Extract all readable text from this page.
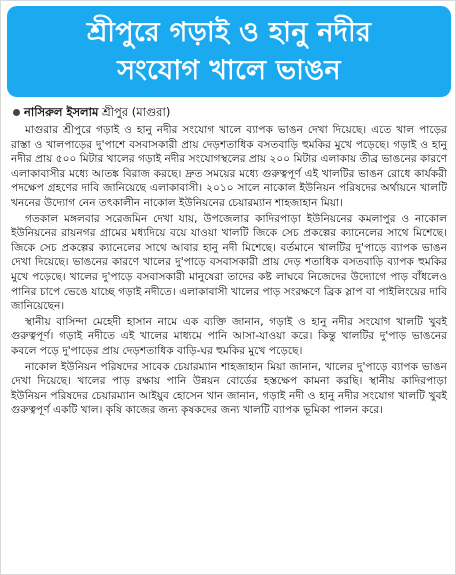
শ্রীপুরে গড়াই ও হানু নদীর
সংযোগ খালে ভাঙন
নাসিরুল ইসলাম শ্রীপুর (মাগুরা)

মাগুরার শ্রীপুরে গড়াই ও হানু নদীর সংযোগ খালে ব্যাপক ভাঙন দেখা দিয়েছে। এতে খাল পাড়ের রাস্তা ও খালপাড়ের দু'পাশে বসবাসকারী প্রায় দেড়শতাধিক বসতবাড়ি হুমকির মুখে পড়েছে। গড়াই ও হানু নদীর প্রায় ৫০০ মিটার খালের গড়াই নদীর সংযোগস্থলের প্রায় ২০০ মিটার এলাকায় তীব্র ভাঙনের কারণে এলাকাবাসীর মধ্যে আতঙ্ক বিরাজ করছে। দ্রুত সময়ের মধ্যে গুরুত্বপূর্ণ এই খালটির ভাঙন রোধে কার্যকরী পদক্ষেপ গ্রহণের দাবি জানিয়েছে এলাকাবাসী। ২০১০ সালে নাকোল ইউনিয়ন পরিষদের অর্থায়নে খালটি খননের উদ্যোগ নেন তৎকালীন নাকোল ইউনিয়নের চেয়ারম্যান শাহজাহান মিয়া।

গতকাল মঙ্গলবার সরেজমিন দেখা যায়, উপজেলার কাদিরপাড়া ইউনিয়নের কমলাপুর ও নাকোল ইউনিয়নের রায়নগর গ্রামের মধ্যদিয়ে বয়ে যাওয়া খালটি জিকে সেচ প্রকল্পের ক্যানেলের সাথে মিশেছে। জিকে সেচ প্রকল্পের ক্যানেলের সাথে আবার হানু নদী মিশেছে। বর্তমানে খালটির দু'পাড়ে ব্যাপক ভাঙন দেখা দিয়েছে। ভাঙনের কারণে খালের দু'পাড়ে বসবাসকারী প্রায় দেড় শতাধিক বসতবাড়ি ব্যাপক হুমকির মুখে পড়েছে। খালের দু'পাড়ে বসবাসকারী মানুষেরা তাদের কষ্ট লাঘবে নিজেদের উদ্যোগে পাড় বাঁধলেও পানির চাপে ভেঙে যাচ্ছে গড়াই নদীতে। এলাকাবাসী খালের পাড় সংরক্ষণে ব্রিক স্লাপ বা পাইলিংয়ের দাবি জানিয়েছেন।

স্থানীয় বাসিন্দা মেহেদী হাসান নামে এক ব্যক্তি জানান, গড়াই ও হানু নদীর সংযোগ খালটি খুবই গুরুত্বপূর্ণ। গড়াই নদীতে এই খালের মাধ্যমে পানি আসা-যাওয়া করে। কিন্তু খালটির দু'পাড় ভাঙনের কবলে পড়ে দু'পাড়ের প্রায় দেড়শতাধিক বাড়ি-ঘর হুমকির মুখে পড়েছে।

নাকোল ইউনিয়ন পরিষদের সাবেক চেয়ারম্যান শাহজাহান মিয়া জানান, খালের দু'পাড়ে ব্যাপক ভাঙন দেখা দিয়েছে। খালের পাড় রক্ষায় পানি উন্নয়ন বোর্ডের হস্তক্ষেপ কামনা করছি। স্থানীয় কাদিরপাড়া ইউনিয়ন পরিষদের চেয়ারম্যান আইয়ুব হোসেন খান জানান, গড়াই নদী ও হানু নদীর সংযোগ খালটি খুবই গুরুত্বপূর্ণ একটি খাল। কৃষি কাজের জন্য কৃষকদের জন্য খালটি ব্যাপক ভূমিকা পালন করে।
